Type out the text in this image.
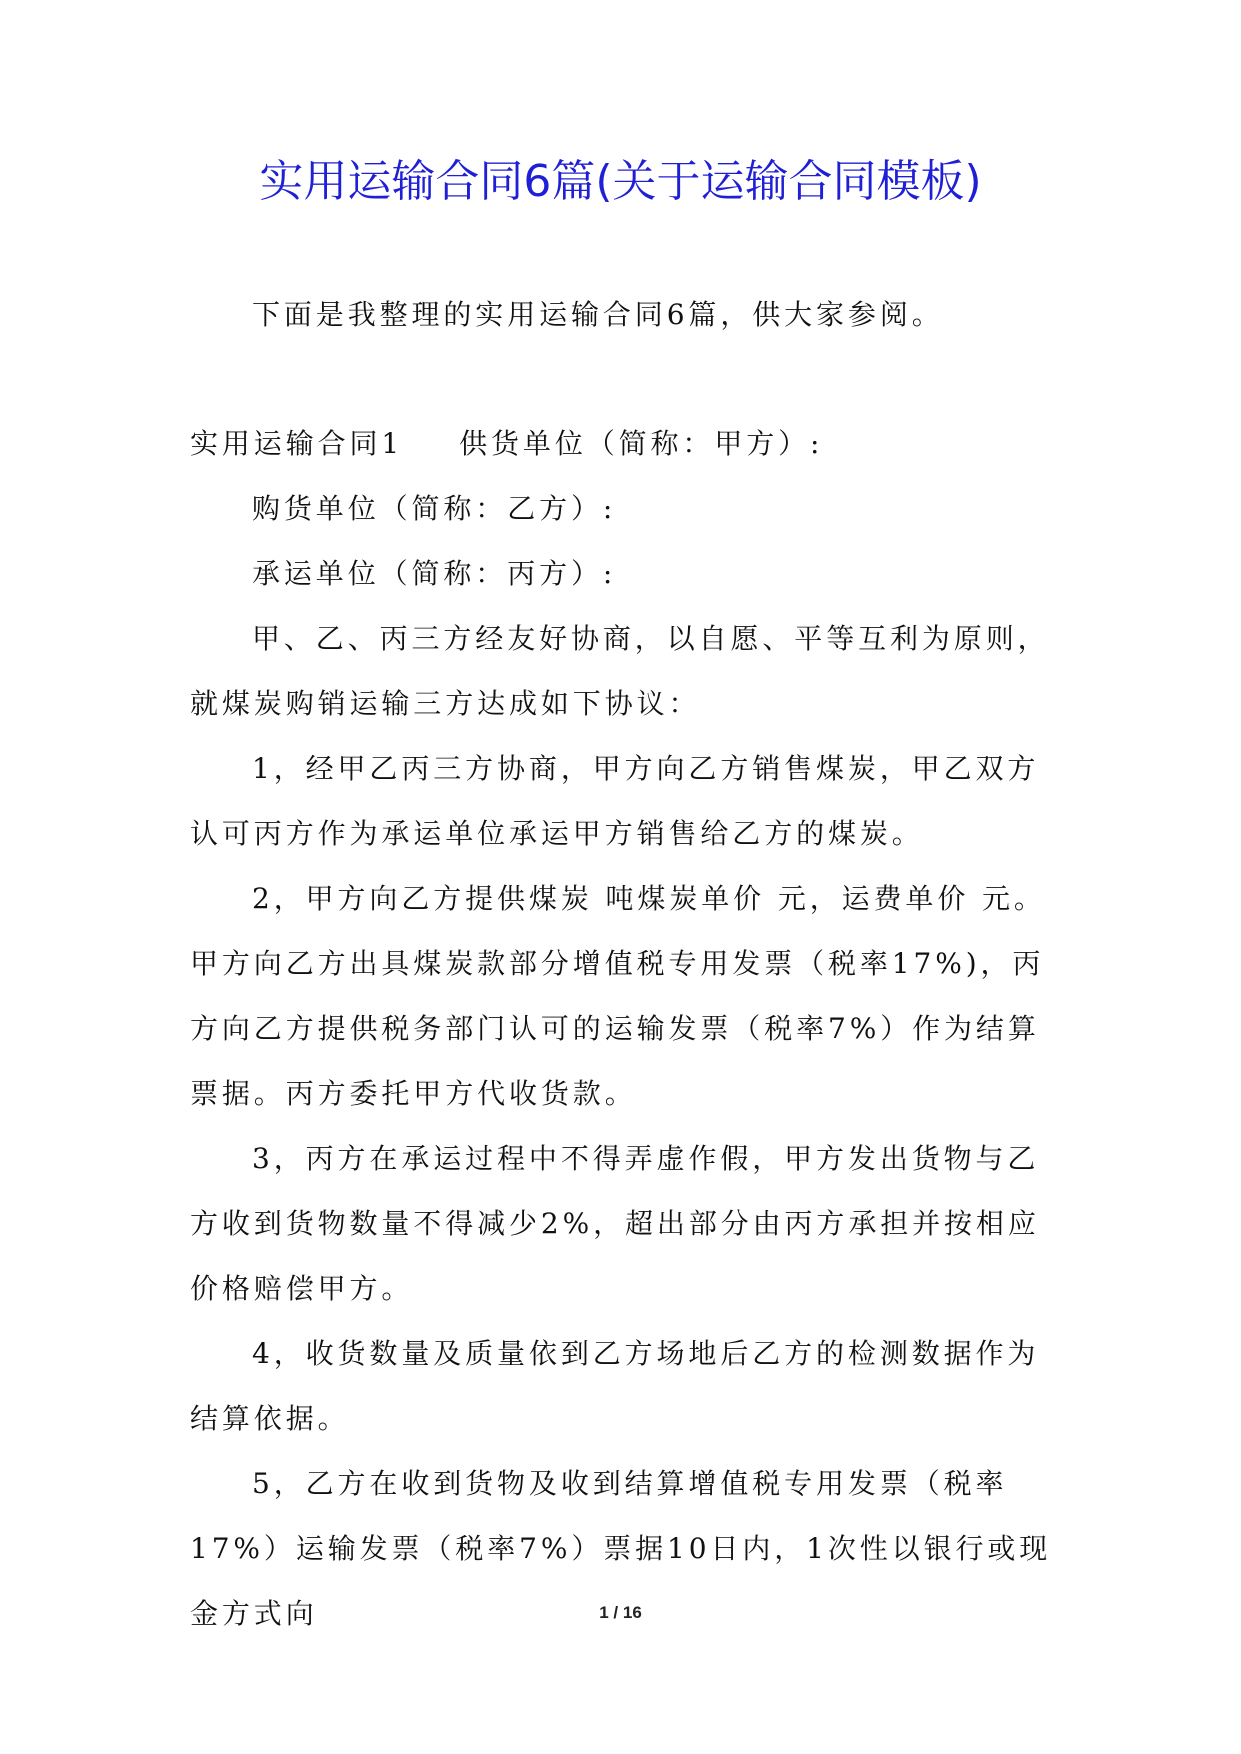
实用运输合同6篇(关于运输合同模板)

下面是我整理的实用运输合同6篇，供大家参阅。

实用运输合同1 供货单位（简称：甲方）:

购货单位（简称：乙方）:

承运单位（简称：丙方）:

甲、乙、丙三方经友好协商，以自愿、平等互利为原则，就煤炭购销运输三方达成如下协议：

1，经甲乙丙三方协商，甲方向乙方销售煤炭，甲乙双方认可丙方作为承运单位承运甲方销售给乙方的煤炭。

2，甲方向乙方提供煤炭 吨煤炭单价 元，运费单价 元。甲方向乙方出具煤炭款部分增值税专用发票（税率17%)，丙方向乙方提供税务部门认可的运输发票（税率7%）作为结算票据。丙方委托甲方代收货款。

3，丙方在承运过程中不得弄虚作假，甲方发出货物与乙方收到货物数量不得减少2%，超出部分由丙方承担并按相应价格赔偿甲方。

4，收货数量及质量依到乙方场地后乙方的检测数据作为结算依据。

5，乙方在收到货物及收到结算增值税专用发票（税率17%）运输发票（税率7%）票据10日内，1次性以银行或现金方式向	1 / 16
